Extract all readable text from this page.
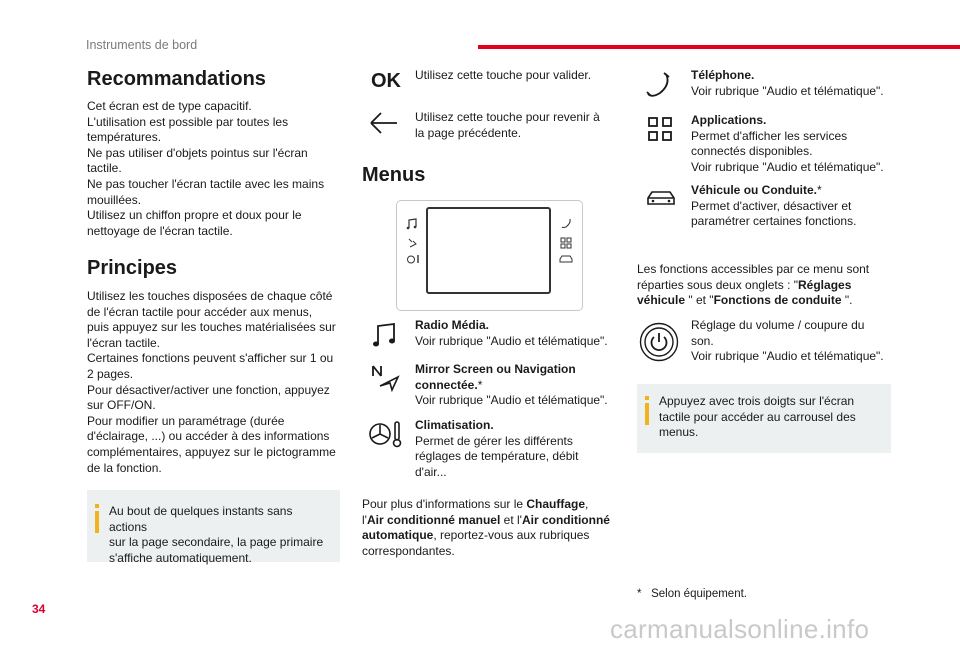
Instruments de bord
Recommandations

Cet écran est de type capacitif.

L'utilisation est possible par toutes les

températures.

Ne pas utiliser d'objets pointus sur l'écran

tactile.

Ne pas toucher l'écran tactile avec les mains

mouillées.

Utilisez un chiffon propre et doux pour le

nettoyage de l'écran tactile.

Principes

Utilisez les touches disposées de chaque côté

de l'écran tactile pour accéder aux menus,

puis appuyez sur les touches matérialisées sur

l'écran tactile.

Certaines fonctions peuvent s'afficher sur 1 ou

2 pages.

Pour désactiver/activer une fonction, appuyez

sur OFF/ON.

Pour modifier un paramétrage (durée

d'éclairage, ...) ou accéder à des informations

complémentaires, appuyez sur le pictogramme

de la fonction.

Au bout de quelques instants sans actions

sur la page secondaire, la page primaire

s'affiche automatiquement.

OK Utilisez cette touche pour valider.

Utilisez cette touche pour revenir à

la page précédente.

Menus

Radio Média.

Voir rubrique "Audio et télématique".

Mirror Screen ou Navigation

connectée.*

Voir rubrique "Audio et télématique".

Climatisation.

Permet de gérer les différents

réglages de température, débit

d'air...

Pour plus d'informations sur le Chauffage,

l'Air conditionné manuel et l'Air conditionné

automatique, reportez-vous aux rubriques

correspondantes.

Téléphone.

Voir rubrique "Audio et télématique".

Applications.

Permet d'afficher les services

connectés disponibles.

Voir rubrique "Audio et télématique".

Véhicule ou Conduite.*

Permet d'activer, désactiver et

paramétrer certaines fonctions.

Les fonctions accessibles par ce menu sont

réparties sous deux onglets : "Réglages

véhicule " et "Fonctions de conduite ".

Réglage du volume / coupure du

son.

Voir rubrique "Audio et télématique".

Appuyez avec trois doigts sur l'écran

tactile pour accéder au carrousel des

menus.

* Selon équipement.
34
carmanualsonline.info
